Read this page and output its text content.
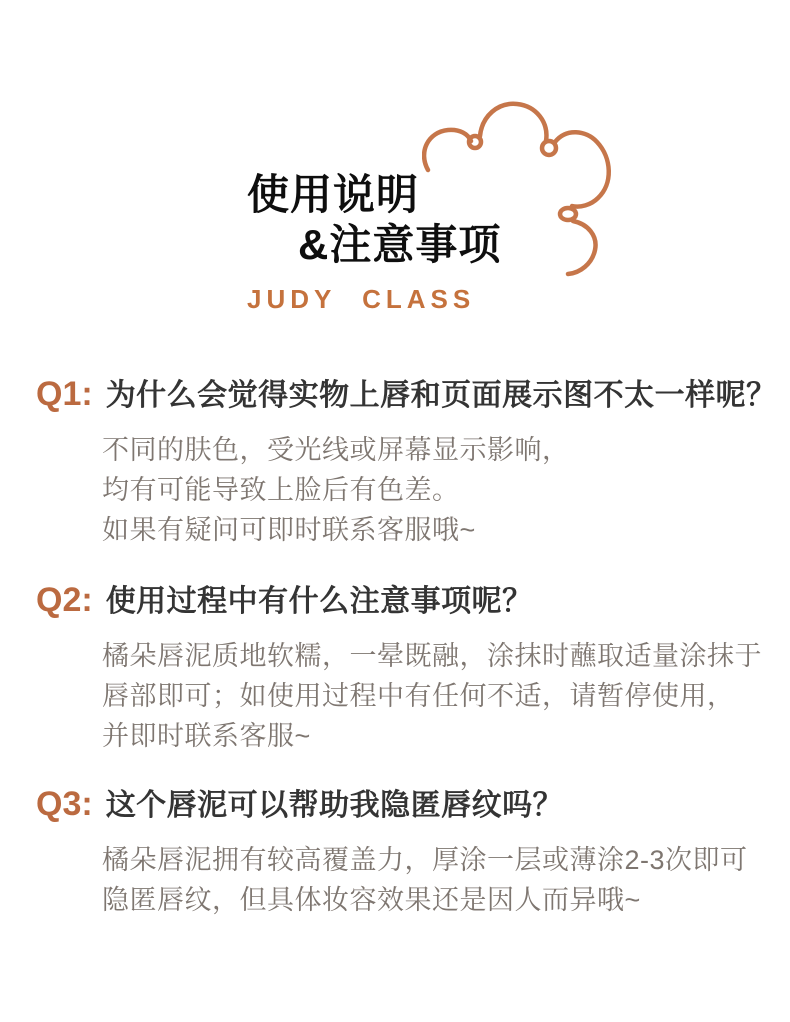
使用说明
&注意事项
JUDY CLASS
Q1: 为什么会觉得实物上唇和页面展示图不太一样呢？
不同的肤色，受光线或屏幕显示影响，
均有可能导致上脸后有色差。
如果有疑问可即时联系客服哦~
Q2: 使用过程中有什么注意事项呢？
橘朵唇泥质地软糯，一晕既融，涂抹时蘸取适量涂抹于
唇部即可；如使用过程中有任何不适，请暂停使用，
并即时联系客服~
Q3: 这个唇泥可以帮助我隐匿唇纹吗？
橘朵唇泥拥有较高覆盖力，厚涂一层或薄涂2-3次即可
隐匿唇纹，但具体妆容效果还是因人而异哦~
